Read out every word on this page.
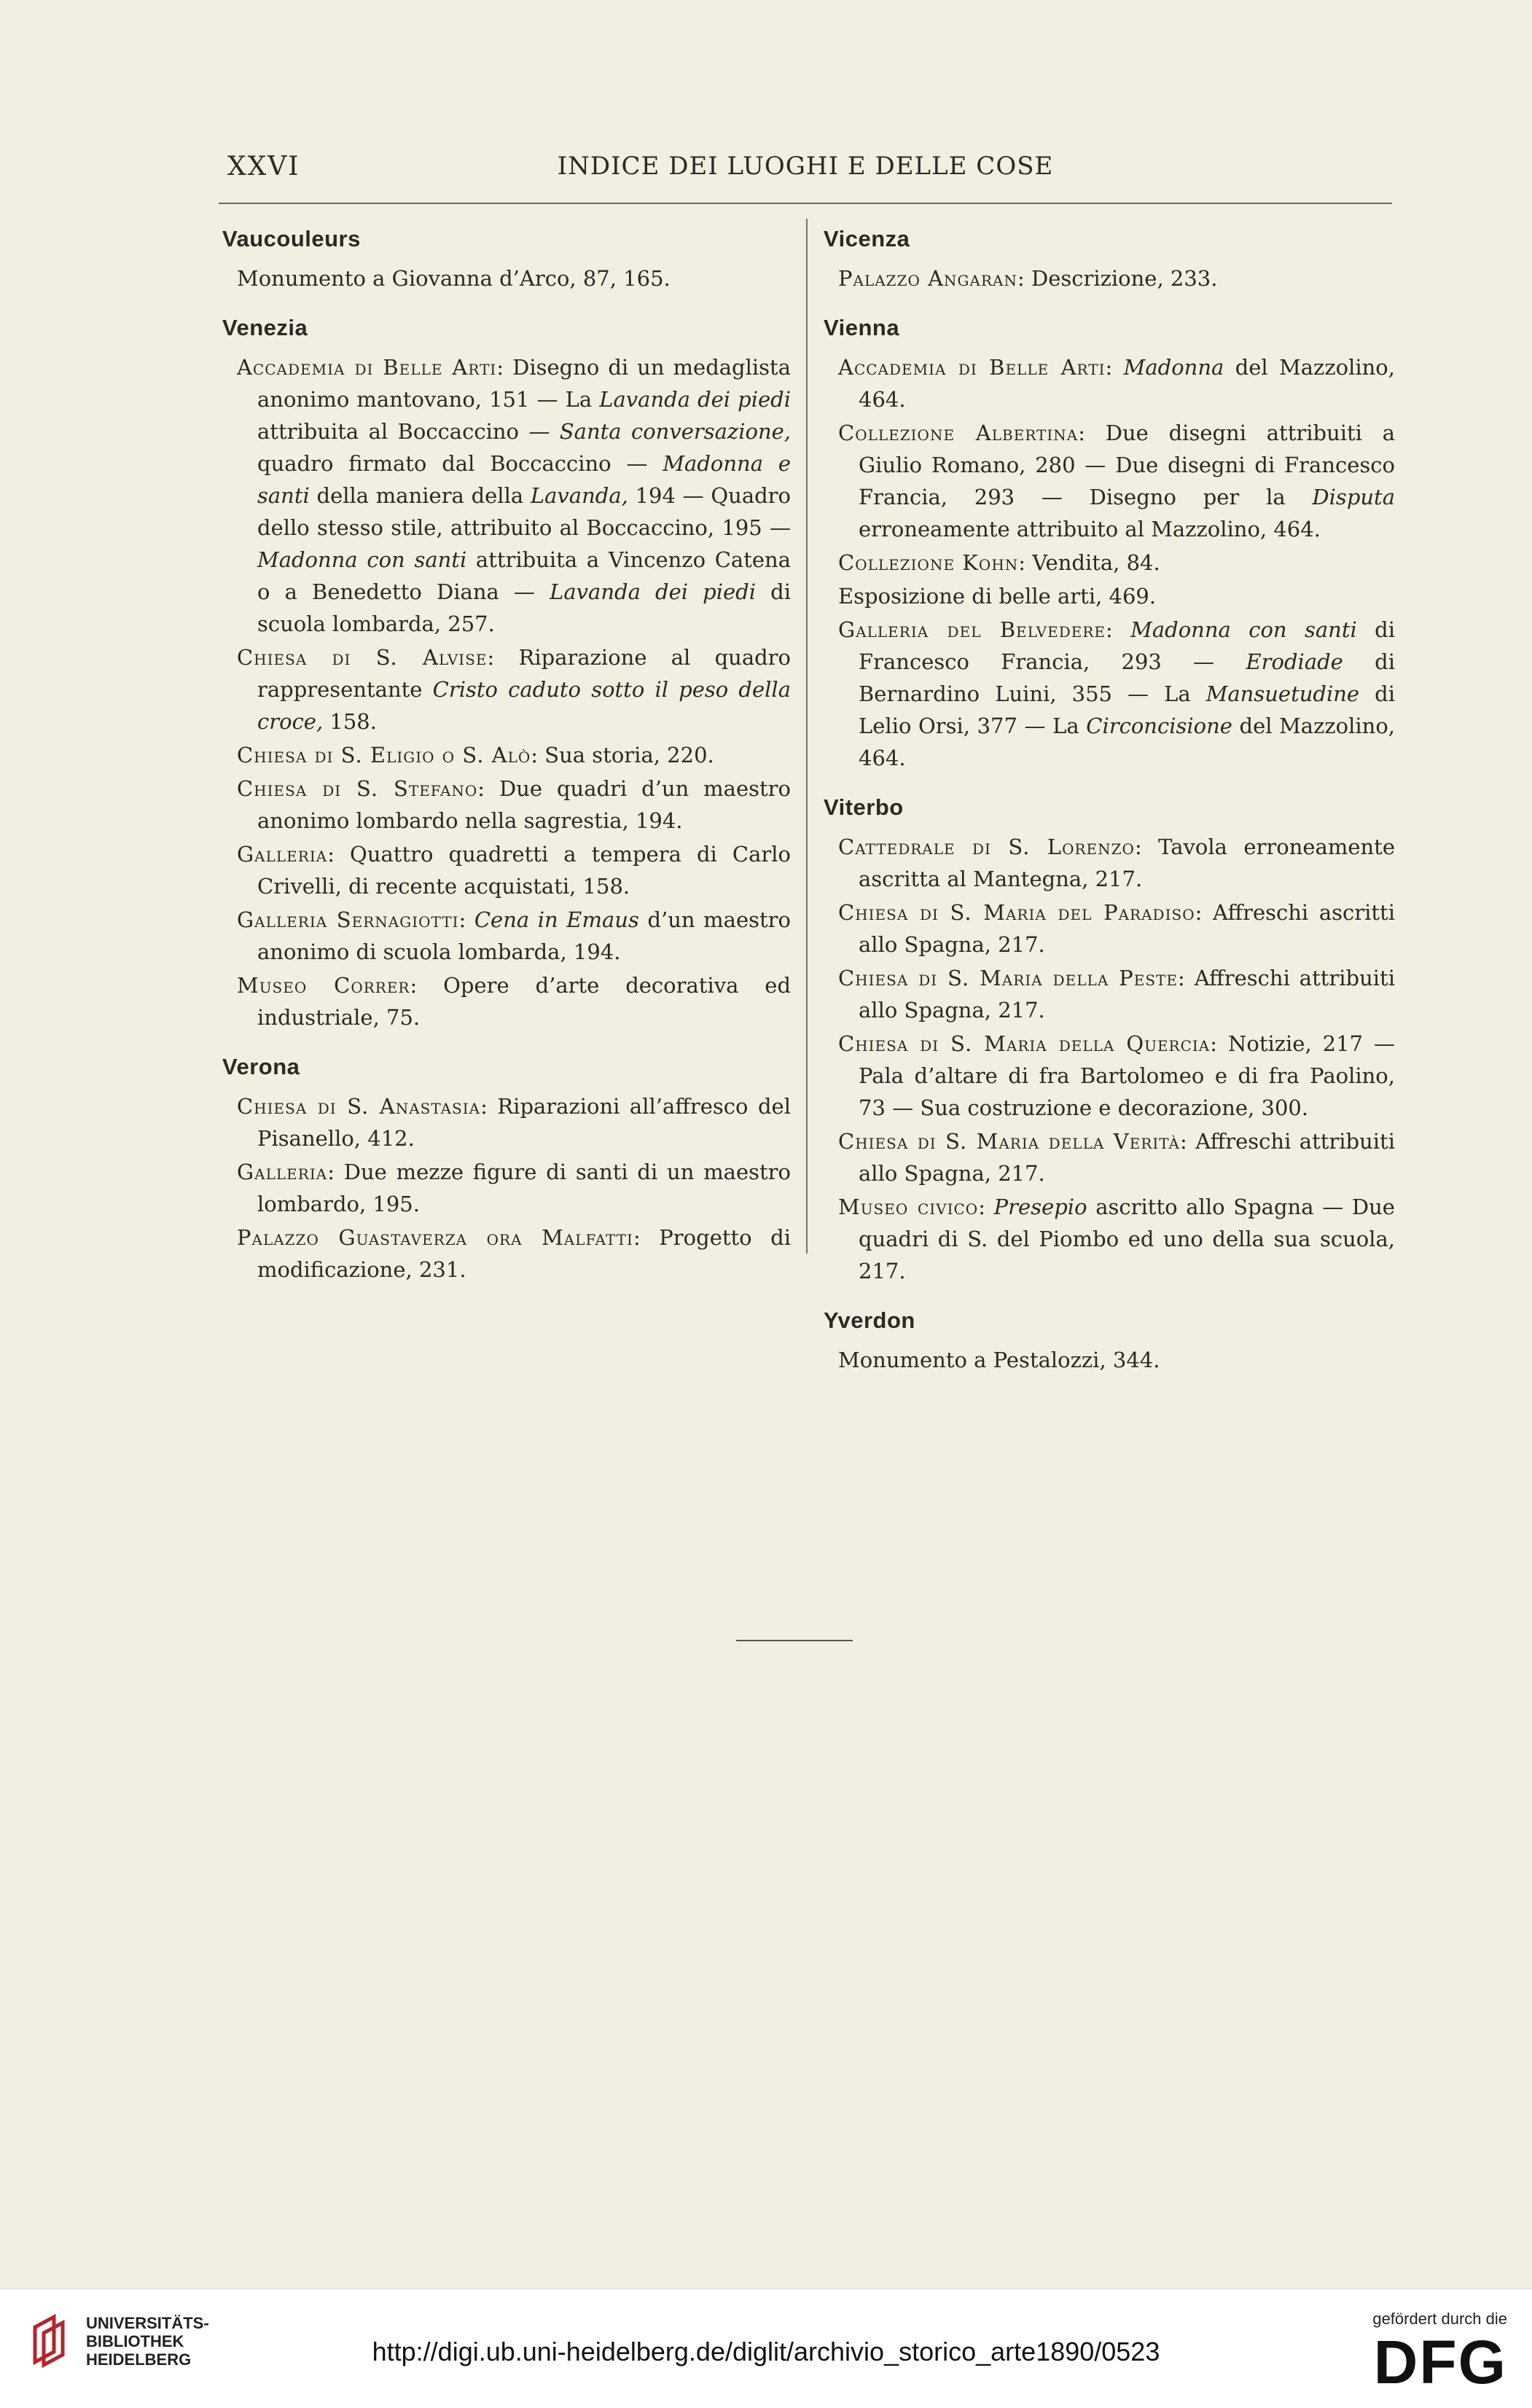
XXVI	INDICE DEI LUOGHI E DELLE COSE
Vaucouleurs
Monumento a Giovanna d’Arco, 87, 165.
Venezia
Accademia di Belle Arti: Disegno di un medaglista anonimo mantovano, 151 — La Lavanda dei piedi attribuita al Boccaccino — Santa conversazione, quadro firmato dal Boccaccino — Madonna e santi della maniera della Lavanda, 194 — Quadro dello stesso stile, attribuito al Boccaccino, 195 — Madonna con santi attribuita a Vincenzo Catena o a Benedetto Diana — Lavanda dei piedi di scuola lombarda, 257.
Chiesa di S. Alvise: Riparazione al quadro rappresentante Cristo caduto sotto il peso della croce, 158.
Chiesa di S. Eligio o S. Alò: Sua storia, 220.
Chiesa di S. Stefano: Due quadri d’un maestro anonimo lombardo nella sagrestia, 194.
Galleria: Quattro quadretti a tempera di Carlo Crivelli, di recente acquistati, 158.
Galleria Sernagiotti: Cena in Emaus d’un maestro anonimo di scuola lombarda, 194.
Museo Correr: Opere d’arte decorativa ed industriale, 75.
Verona
Chiesa di S. Anastasia: Riparazioni all’affresco del Pisanello, 412.
Galleria: Due mezze figure di santi di un maestro lombardo, 195.
Palazzo Guastaverza ora Malfatti: Progetto di modificazione, 231.
Vicenza
Palazzo Angaran: Descrizione, 233.
Vienna
Accademia di Belle Arti: Madonna del Mazzolino, 464.
Collezione Albertina: Due disegni attribuiti a Giulio Romano, 280 — Due disegni di Francesco Francia, 293 — Disegno per la Disputa erroneamente attribuito al Mazzolino, 464.
Collezione Kohn: Vendita, 84.
Esposizione di belle arti, 469.
Galleria del Belvedere: Madonna con santi di Francesco Francia, 293 — Erodiade di Bernardino Luini, 355 — La Mansuetudine di Lelio Orsi, 377 — La Circoncisione del Mazzolino, 464.
Viterbo
Cattedrale di S. Lorenzo: Tavola erroneamente ascritta al Mantegna, 217.
Chiesa di S. Maria del Paradiso: Affreschi ascritti allo Spagna, 217.
Chiesa di S. Maria della Peste: Affreschi attribuiti allo Spagna, 217.
Chiesa di S. Maria della Quercia: Notizie, 217 — Pala d’altare di fra Bartolomeo e di fra Paolino, 73 — Sua costruzione e decorazione, 300.
Chiesa di S. Maria della Verità: Affreschi attribuiti allo Spagna, 217.
Museo civico: Presepio ascritto allo Spagna — Due quadri di S. del Piombo ed uno della sua scuola, 217.
Yverdon
Monumento a Pestalozzi, 344.
UNIVERSITÄTS-
BIBLIOTHEK
HEIDELBERG	http://digi.ub.uni-heidelberg.de/diglit/archivio_storico_arte1890/0523
gefördert durch die
DFG
